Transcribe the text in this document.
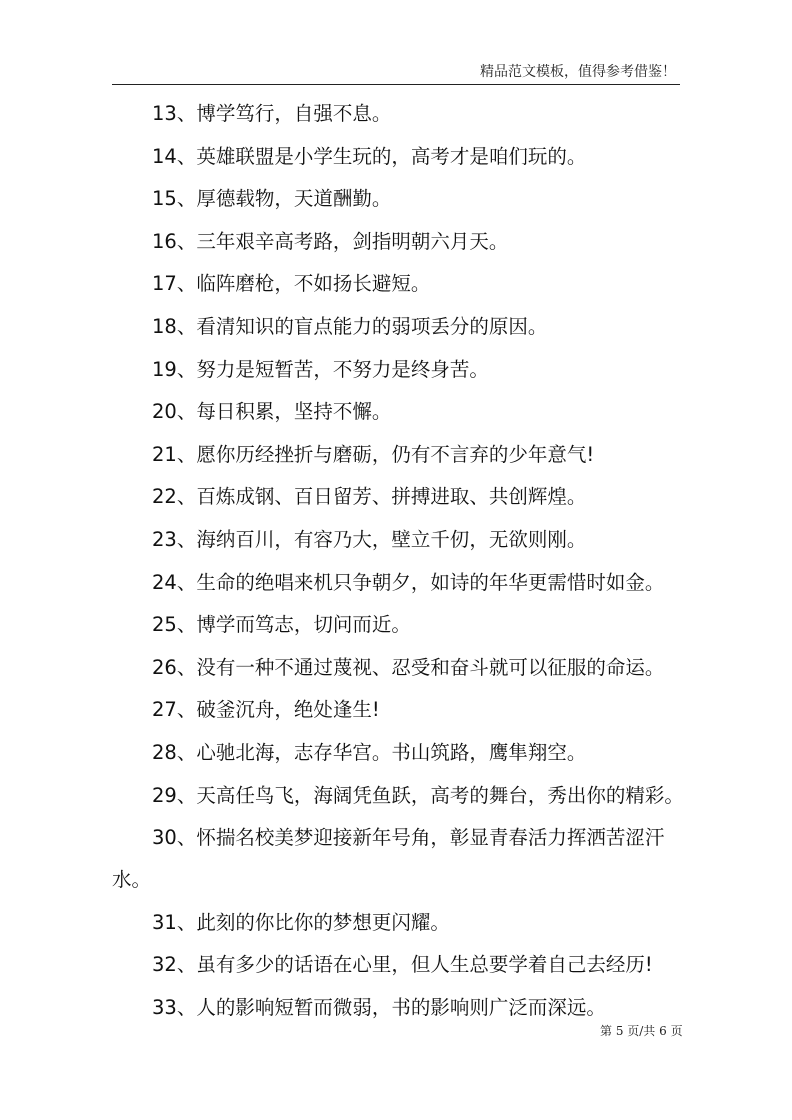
精品范文模板，值得参考借鉴！

13、博学笃行，自强不息。

14、英雄联盟是小学生玩的，高考才是咱们玩的。

15、厚德载物，天道酬勤。

16、三年艰辛高考路，剑指明朝六月天。

17、临阵磨枪，不如扬长避短。

18、看清知识的盲点能力的弱项丢分的原因。

19、努力是短暂苦，不努力是终身苦。

20、每日积累，坚持不懈。

21、愿你历经挫折与磨砺，仍有不言弃的少年意气!

22、百炼成钢、百日留芳、拼搏进取、共创辉煌。

23、海纳百川，有容乃大，壁立千仞，无欲则刚。

24、生命的绝唱来机只争朝夕，如诗的年华更需惜时如金。

25、博学而笃志，切问而近。

26、没有一种不通过蔑视、忍受和奋斗就可以征服的命运。

27、破釜沉舟，绝处逢生!

28、心驰北海，志存华宫。书山筑路，鹰隼翔空。

29、天高任鸟飞，海阔凭鱼跃，高考的舞台，秀出你的精彩。

30、怀揣名校美梦迎接新年号角，彰显青春活力挥洒苦涩汗
水。

31、此刻的你比你的梦想更闪耀。

32、虽有多少的话语在心里，但人生总要学着自己去经历!

33、人的影响短暂而微弱，书的影响则广泛而深远。

第 5 页/共 6 页
